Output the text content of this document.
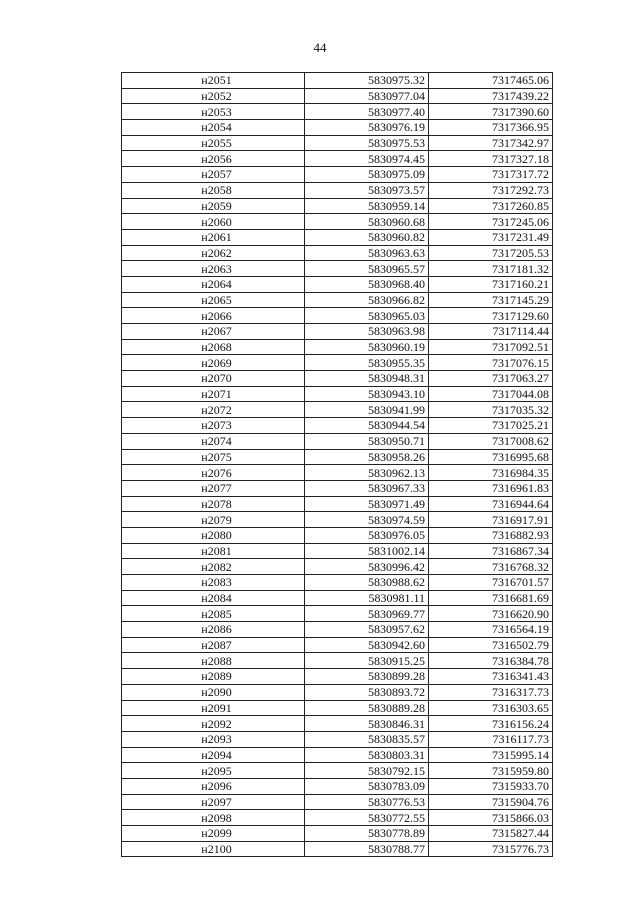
44
н2051	5830975.32	7317465.06
н2052	5830977.04	7317439.22
н2053	5830977.40	7317390.60
н2054	5830976.19	7317366.95
н2055	5830975.53	7317342.97
н2056	5830974.45	7317327.18
н2057	5830975.09	7317317.72
н2058	5830973.57	7317292.73
н2059	5830959.14	7317260.85
н2060	5830960.68	7317245.06
н2061	5830960.82	7317231.49
н2062	5830963.63	7317205.53
н2063	5830965.57	7317181.32
н2064	5830968.40	7317160.21
н2065	5830966.82	7317145.29
н2066	5830965.03	7317129.60
н2067	5830963.98	7317114.44
н2068	5830960.19	7317092.51
н2069	5830955.35	7317076.15
н2070	5830948.31	7317063.27
н2071	5830943.10	7317044.08
н2072	5830941.99	7317035.32
н2073	5830944.54	7317025.21
н2074	5830950.71	7317008.62
н2075	5830958.26	7316995.68
н2076	5830962.13	7316984.35
н2077	5830967.33	7316961.83
н2078	5830971.49	7316944.64
н2079	5830974.59	7316917.91
н2080	5830976.05	7316882.93
н2081	5831002.14	7316867.34
н2082	5830996.42	7316768.32
н2083	5830988.62	7316701.57
н2084	5830981.11	7316681.69
н2085	5830969.77	7316620.90
н2086	5830957.62	7316564.19
н2087	5830942.60	7316502.79
н2088	5830915.25	7316384.78
н2089	5830899.28	7316341.43
н2090	5830893.72	7316317.73
н2091	5830889.28	7316303.65
н2092	5830846.31	7316156.24
н2093	5830835.57	7316117.73
н2094	5830803.31	7315995.14
н2095	5830792.15	7315959.80
н2096	5830783.09	7315933.70
н2097	5830776.53	7315904.76
н2098	5830772.55	7315866.03
н2099	5830778.89	7315827.44
н2100	5830788.77	7315776.73
